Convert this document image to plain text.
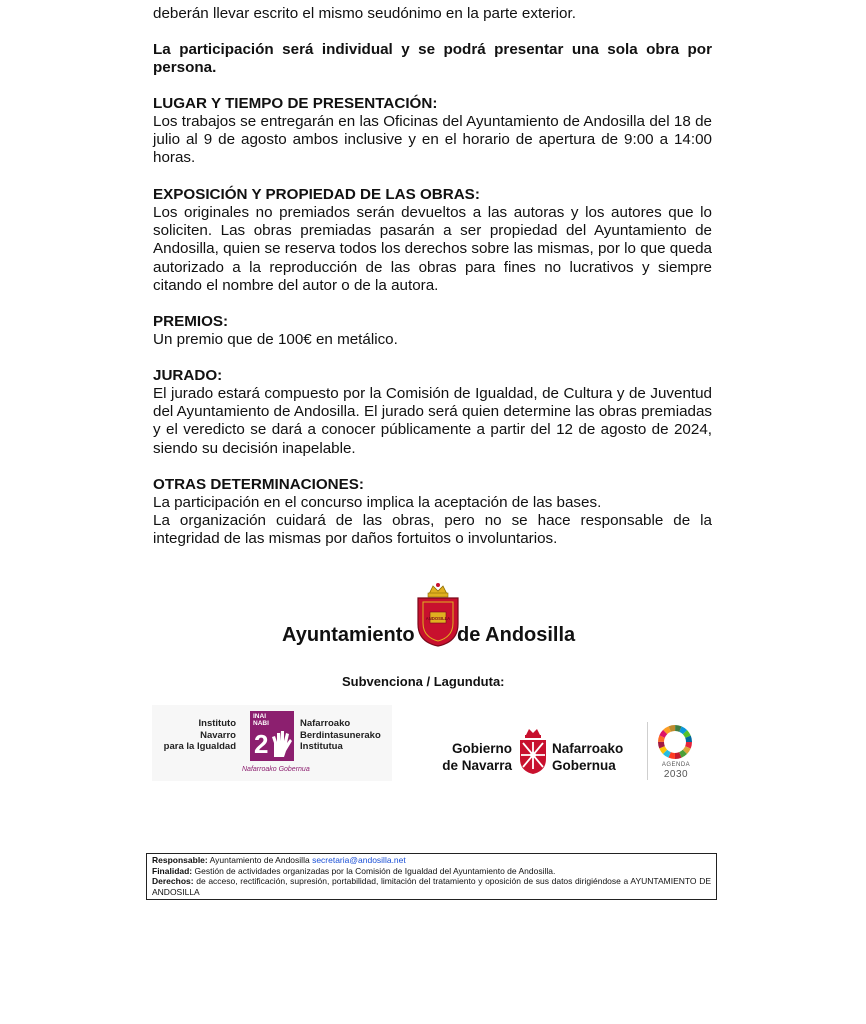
deberán llevar escrito el mismo seudónimo en la parte exterior.
La participación será individual y se podrá presentar una sola obra por persona.
LUGAR Y TIEMPO DE PRESENTACIÓN:
Los trabajos se entregarán en las Oficinas del Ayuntamiento de Andosilla del 18 de julio al 9 de agosto ambos inclusive y en el horario de apertura de 9:00 a 14:00 horas.
EXPOSICIÓN Y PROPIEDAD DE LAS OBRAS:
Los originales no premiados serán devueltos a las autoras y los autores que lo soliciten. Las obras premiadas pasarán a ser propiedad del Ayuntamiento de Andosilla, quien se reserva todos los derechos sobre las mismas, por lo que queda autorizado a la reproducción de las obras para fines no lucrativos y siempre citando el nombre del autor o de la autora.
PREMIOS:
Un premio que de 100€ en metálico.
JURADO:
El jurado estará compuesto por la Comisión de Igualdad, de Cultura y de Juventud del Ayuntamiento de Andosilla. El jurado será quien determine las obras premiadas y el veredicto se dará a conocer públicamente a partir del 12 de agosto de 2024, siendo su decisión inapelable.
OTRAS DETERMINACIONES:
La participación en el concurso implica la aceptación de las bases.
La organización cuidará de las obras, pero no se hace responsable de la integridad de las mismas por daños fortuitos o involuntarios.
Ayuntamiento de Andosilla
ANDOSILLA
Subvenciona / Lagunduta:
Instituto
Navarro
para la Igualdad
INAI
NABI
2
Nafarroako
Berdintasunerako
Institutua
Nafarroako Gobernua
Gobierno
de Navarra
Nafarroako
Gobernua	AGENDA
2030
Responsable: Ayuntamiento de Andosilla secretaria@andosilla.net
Finalidad: Gestión de actividades organizadas por la Comisión de Igualdad del Ayuntamiento de Andosilla.
Derechos: de acceso, rectificación, supresión, portabilidad, limitación del tratamiento y oposición de sus datos dirigiéndose a AYUNTAMIENTO DE ANDOSILLA
